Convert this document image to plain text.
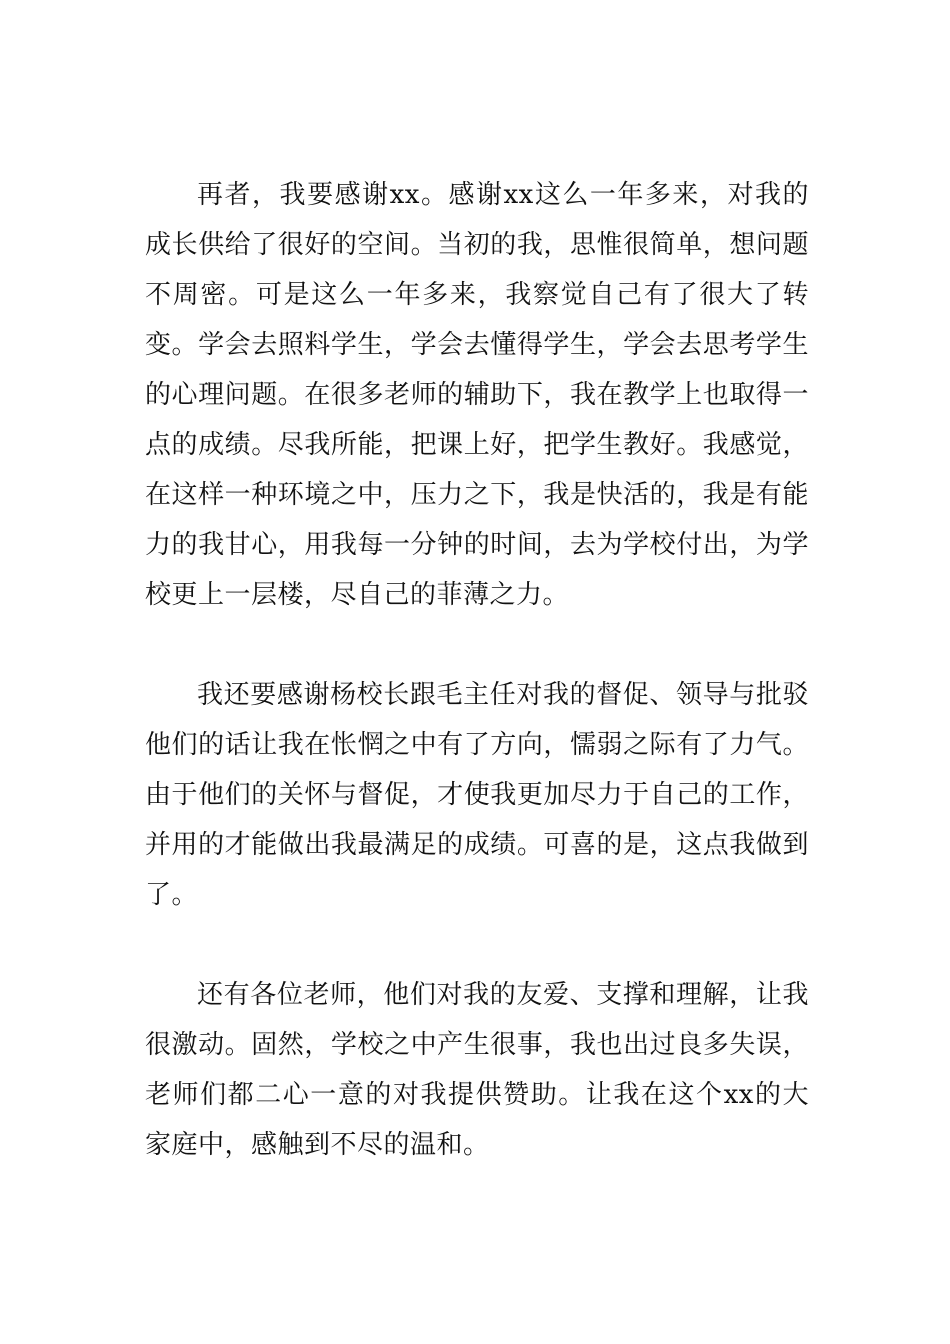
再者，我要感谢xx。感谢xx这么一年多来，对我的成长供给了很好的空间。当初的我，思惟很简单，想问题不周密。可是这么一年多来，我察觉自己有了很大了转变。学会去照料学生，学会去懂得学生，学会去思考学生的心理问题。在很多老师的辅助下，我在教学上也取得一点的成绩。尽我所能，把课上好，把学生教好。我感觉，在这样一种环境之中，压力之下，我是快活的，我是有能力的我甘心，用我每一分钟的时间，去为学校付出，为学校更上一层楼，尽自己的菲薄之力。

我还要感谢杨校长跟毛主任对我的督促、领导与批驳他们的话让我在怅惘之中有了方向，懦弱之际有了力气。由于他们的关怀与督促，才使我更加尽力于自己的工作，并用的才能做出我最满足的成绩。可喜的是，这点我做到了。

还有各位老师，他们对我的友爱、支撑和理解，让我很激动。固然，学校之中产生很事，我也出过良多失误，老师们都二心一意的对我提供赞助。让我在这个xx的大家庭中，感触到不尽的温和。
